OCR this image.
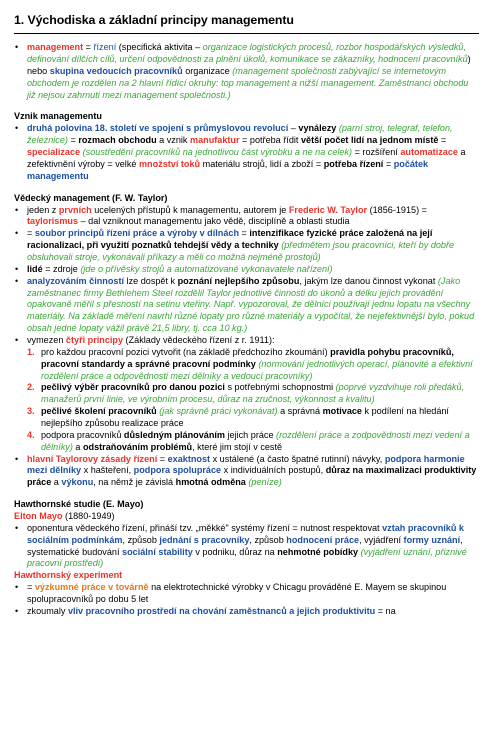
1. Východiska a základní principy managementu
• management = řízení (specifická aktivita – organizace logistických procesů, rozbor hospodářských výsledků, definování dílčích cílů, určení odpovědnosti za plnění úkolů, komunikace se zákazníky, hodnocení pracovníků) nebo skupina vedoucích pracovníků organizace (management společnosti zabývající se internetovým obchodem je rozdělen na 2 hlavní řídící okruhy: top management a nižší management. Zaměstnanci obchodu již nejsou zahrnuti mezi management společnosti.)
Vznik managementu
• druhá polovina 18. století ve spojení s průmyslovou revolucí – vynálezy (parní stroj, telegraf, telefon, železnice) = rozmach obchodu a vznik manufaktur = potřeba řídit větší počet lidí na jednom místě = specializace (soustředění pracovníků na jednotlivou část výrobku a ne na celek) = rozšíření automatizace a zefektivnění výroby = velké množství toků materiálu strojů, lidí a zboží = potřeba řízení = počátek managementu
Vědecký management (F. W. Taylor)
• jeden z prvních ucelených přístupů k managementu, autorem je Frederic W. Taylor (1856-1915) = taylorismus – dal vzniknout managementu jako vědě, disciplíně a oblasti studia
• = soubor principů řízení práce a výroby v dílnách = intenzifikace fyzické práce založená na její racionalizaci, při využití poznatků tehdejší vědy a techniky (předmětem jsou pracovníci, kteří by dobře obsluhovali stroje, vykonávali příkazy a měli co možná nejméně prostojů)
• lidé = zdroje (jde o přívěsky strojů a automatizované vykonavatele nařízení)
• analyzováním činností lze dospět k poznání nejlepšího způsobu, jakým lze danou činnost vykonat (Jako zaměstnanec firmy Bethlehem Steel rozdělil Taylor jednotlivé činnosti do úkonů a délku jejich provádění opakovaně měřil s přesností na setinu vteřiny. Např. vypozoroval, že dělníci používají jednu lopatu na všechny materiály. Na základě měření navrhl různé lopaty pro různé materiály a vypočítal, že nejefektivnější bylo, pokud obsah jedné lopaty vážil právě 21,5 libry, tj. cca 10 kg.)
• vymezen čtyři principy (Základy vědeckého řízení z r. 1911):
1. pro každou pracovní pozici vytvořit (na základě předchozího zkoumání) pravidla pohybu pracovníků, pracovní standardy a správné pracovní podmínky (normování jednotlivých operací, plánovité a efektivní rozdělení práce a odpovědnosti mezi dělníky a vedoucí pracovníky)
2. pečlivý výběr pracovníků pro danou pozici s potřebnými schopnostmi (poprvé vyzdvihuje roli předáků, manažerů první linie, ve výrobním procesu, důraz na zručnost, výkonnost a kvalitu)
3. pečlivé školení pracovníků (jak správně práci vykonávat) a správná motivace k podílení na hledání nejlepšího způsobu realizace práce
4. podpora pracovníků důsledným plánováním jejich práce (rozdělení práce a zodpovědnosti mezi vedení a dělníky) a odstraňováním problémů, které jim stojí v cestě
• hlavní Taylorovy zásady řízení = exaktnost x ustálené (a často špatné rutinní) návyky, podpora harmonie mezi dělníky x hašteření, podpora spolupráce x individuálních postupů, důraz na maximalizaci produktivity práce a výkonu, na němž je závislá hmotná odměna (peníze)
Hawthornské studie (E. Mayo)
Elton Mayo (1880-1949)
• oponentura vědeckého řízení, přináší tzv. „měkké" systémy řízení = nutnost respektovat vztah pracovníků k sociálním podmínkám, způsob jednání s pracovníky, způsob hodnocení práce, vyjádření formy uznání, systematické budování sociální stability v podniku, důraz na nehmotné pobídky (vyjádření uznání, přiznivé pracovní prostředí)
Hawthornský experiment
• = výzkumné práce v továrně na elektrotechnické výrobky v Chicagu prováděné E. Mayem se skupinou spolupracovníků po dobu 5 let
• zkoumaly vliv pracovního prostředí na chování zaměstnanců a jejich produktivitu = na
